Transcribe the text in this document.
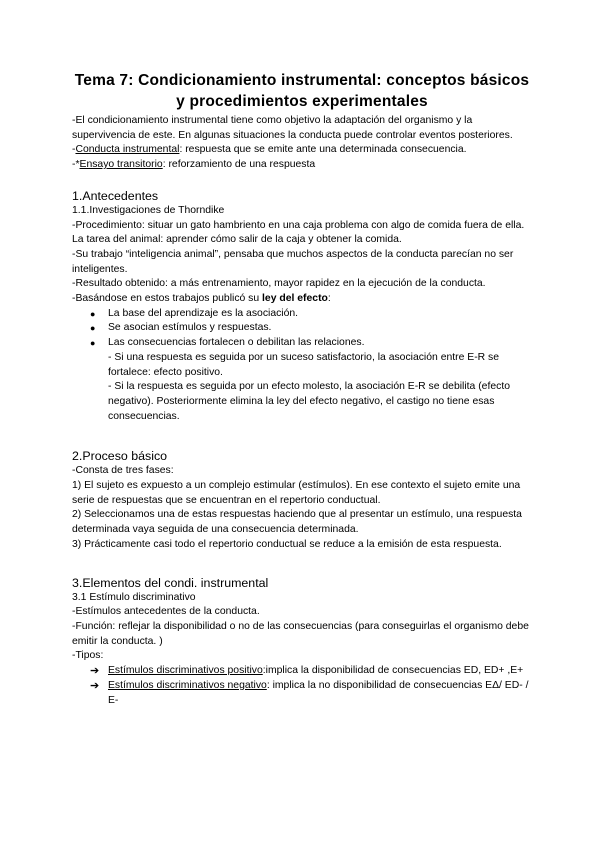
Tema 7: Condicionamiento instrumental: conceptos básicos y procedimientos experimentales

-El condicionamiento instrumental tiene como objetivo la adaptación del organismo y la supervivencia de este. En algunas situaciones la conducta puede controlar eventos posteriores.

-Conducta instrumental: respuesta que se emite ante una determinada consecuencia.

-*Ensayo transitorio: reforzamiento de una respuesta

1.Antecedentes

1.1.Investigaciones de Thorndike

-Procedimiento: situar un gato hambriento en una caja problema con algo de comida fuera de ella. La tarea del animal: aprender cómo salir de la caja y obtener la comida.

-Su trabajo “inteligencia animal”, pensaba que muchos aspectos de la conducta parecían no ser inteligentes.

-Resultado obtenido: a más entrenamiento, mayor rapidez en la ejecución de la conducta.

-Basándose en estos trabajos publicó su ley del efecto:

● La base del aprendizaje es la asociación.
● Se asocian estímulos y respuestas.
● Las consecuencias fortalecen o debilitan las relaciones.

- Si una respuesta es seguida por un suceso satisfactorio, la asociación entre E-R se fortalece: efecto positivo.

- Si la respuesta es seguida por un efecto molesto, la asociación E-R se debilita (efecto negativo). Posteriormente elimina la ley del efecto negativo, el castigo no tiene esas consecuencias.

2.Proceso básico

-Consta de tres fases:

1) El sujeto es expuesto a un complejo estimular (estímulos). En ese contexto el sujeto emite una serie de respuestas que se encuentran en el repertorio conductual.

2) Seleccionamos una de estas respuestas haciendo que al presentar un estímulo, una respuesta determinada vaya seguida de una consecuencia determinada.

3) Prácticamente casi todo el repertorio conductual se reduce a la emisión de esta respuesta.

3.Elementos del condi. instrumental

3.1 Estímulo discriminativo

-Estímulos antecedentes de la conducta.

-Función: reflejar la disponibilidad o no de las consecuencias (para conseguirlas el organismo debe emitir la conducta. )

-Tipos:

➔ Estímulos discriminativos positivo:implica la disponibilidad de consecuencias ED, ED+ ,E+
➔ Estímulos discriminativos negativo: implica la no disponibilidad de consecuencias EΔ/ ED- / E-
